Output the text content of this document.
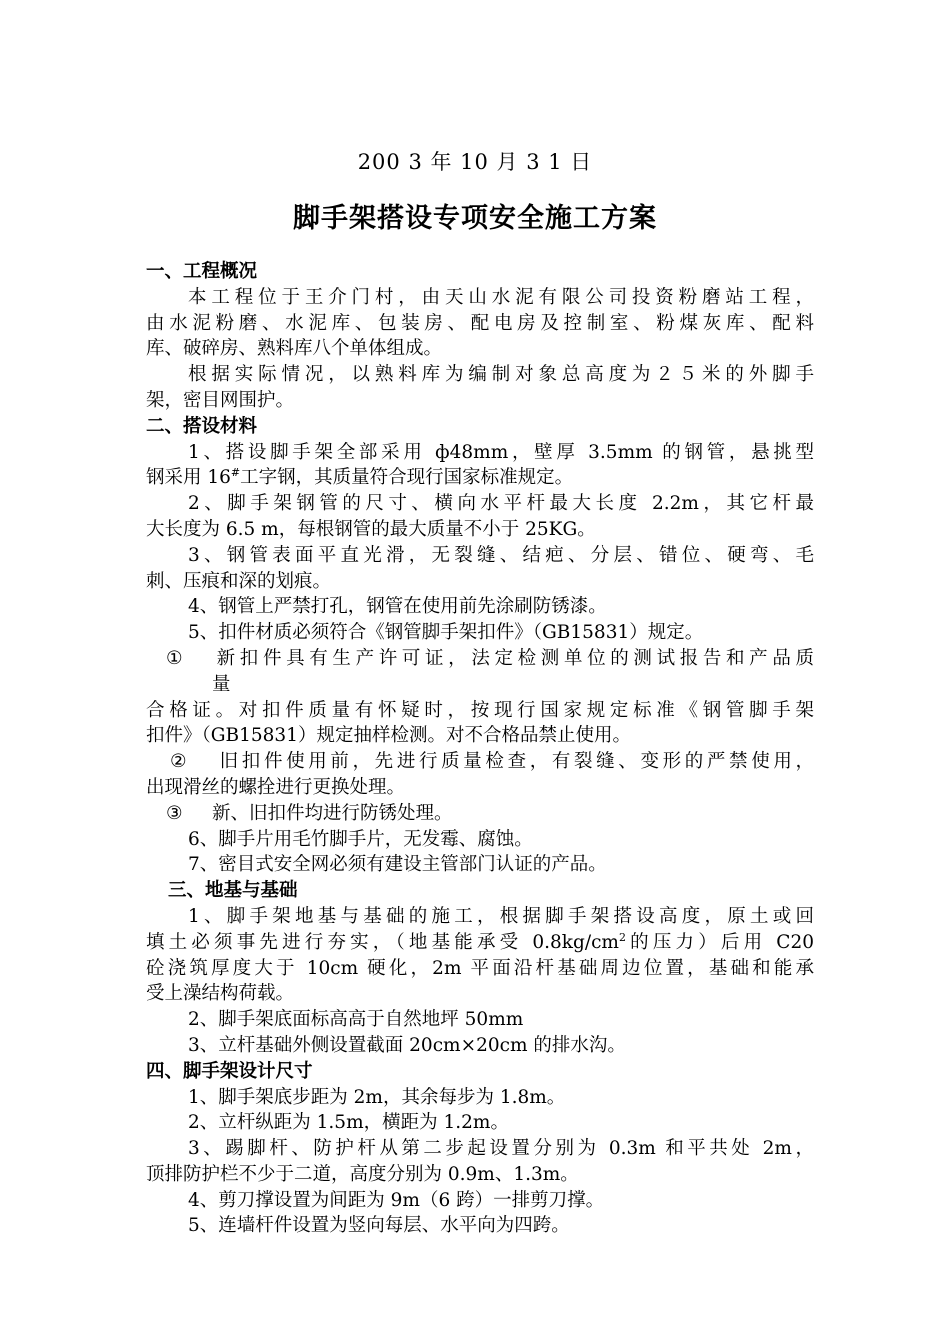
200 3 年 10 月 3 1 日
脚手架搭设专项安全施工方案

一、工程概况

本工程位于王介门村，由天山水泥有限公司投资粉磨站工程，

由水泥粉磨、水泥库、包装房、配电房及控制室、粉煤灰库、配料

库、破碎房、熟料库八个单体组成。

根据实际情况，以熟料库为编制对象总高度为２５米的外脚手

架，密目网围护。

二、搭设材料

1、搭设脚手架全部采用 ф48mm，壁厚 3.5mm 的钢管，悬挑型

钢采用 16#工字钢，其质量符合现行国家标准规定。

2、脚手架钢管的尺寸、横向水平杆最大长度 2.2m，其它杆最

大长度为 6.5 m，每根钢管的最大质量不小于 25KG。

3、钢管表面平直光滑，无裂缝、结疤、分层、错位、硬弯、毛

刺、压痕和深的划痕。

4、钢管上严禁打孔，钢管在使用前先涂刷防锈漆。

5、扣件材质必须符合《钢管脚手架扣件》（GB15831）规定。

① 新扣件具有生产许可证，法定检测单位的测试报告和产品质

量

合格证。对扣件质量有怀疑时，按现行国家规定标准《钢管脚手架

扣件》（GB15831）规定抽样检测。对不合格品禁止使用。

② 旧扣件使用前，先进行质量检查，有裂缝、变形的严禁使用，

出现滑丝的螺拴进行更换处理。

③ 新、旧扣件均进行防锈处理。

6、脚手片用毛竹脚手片，无发霉、腐蚀。

7、密目式安全网必须有建设主管部门认证的产品。

三、地基与基础

1、脚手架地基与基础的施工，根据脚手架搭设高度，原土或回

填土必须事先进行夯实，（地基能承受 $0.8kg/cm^2$的压力）后用 C20

砼浇筑厚度大于 10cm 硬化，2m 平面沿杆基础周边位置，基础和能承

受上澡结构荷载。

2、脚手架底面标高高于自然地坪 50mm

3、立杆基础外侧设置截面 20cm×20cm 的排水沟。

四、脚手架设计尺寸

1、脚手架底步距为 2m，其余每步为 1.8m。

2、立杆纵距为 1.5m，横距为 1.2m。

3、踢脚杆、防护杆从第二步起设置分别为 0.3m 和平共处 2m，

顶排防护栏不少于二道，高度分别为 0.9m、1.3m。

4、剪刀撑设置为间距为 9m（6 跨）一排剪刀撑。

5、连墙杆件设置为竖向每层、水平向为四跨。
